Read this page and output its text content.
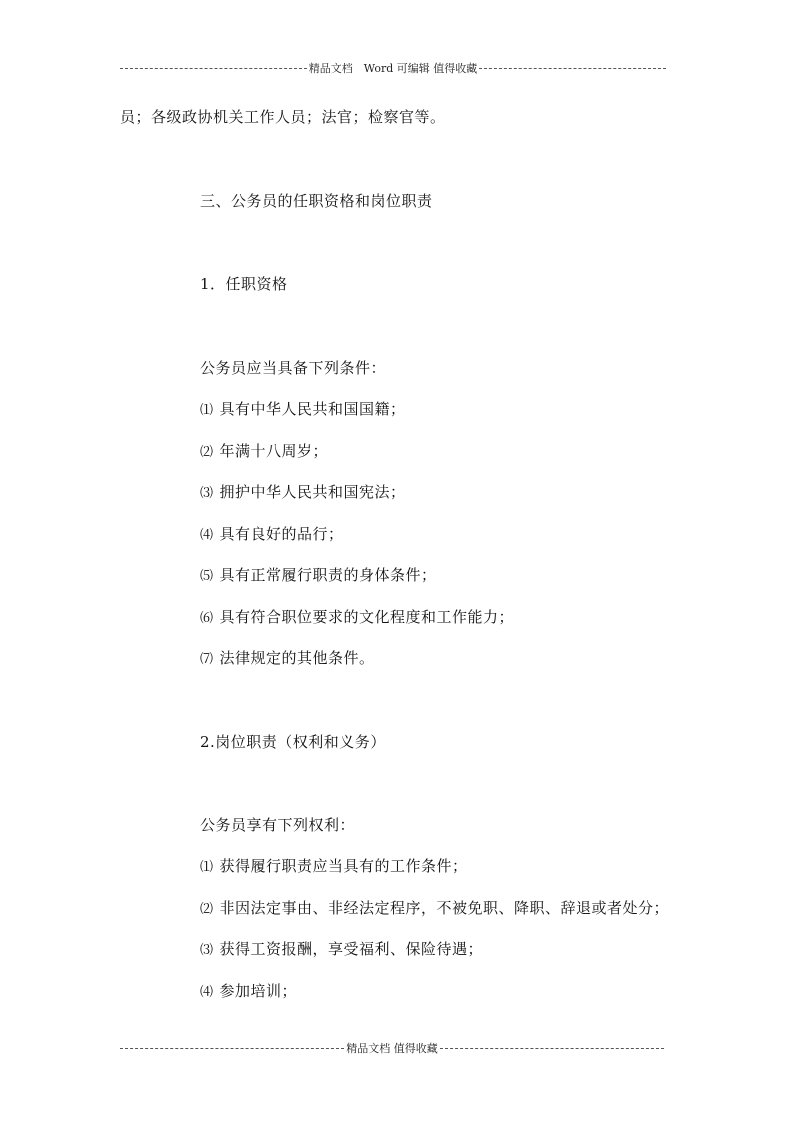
精品文档　Word 可编辑 值得收藏
员；各级政协机关工作人员；法官；检察官等。
三、公务员的任职资格和岗位职责
1．任职资格
公务员应当具备下列条件：
⑴ 具有中华人民共和国国籍；
⑵ 年满十八周岁；
⑶ 拥护中华人民共和国宪法；
⑷ 具有良好的品行；
⑸ 具有正常履行职责的身体条件；
⑹ 具有符合职位要求的文化程度和工作能力；
⑺ 法律规定的其他条件。
2.岗位职责（权利和义务）
公务员享有下列权利：
⑴ 获得履行职责应当具有的工作条件；
⑵ 非因法定事由、非经法定程序，不被免职、降职、辞退或者处分；
⑶ 获得工资报酬，享受福利、保险待遇；
⑷ 参加培训；
精品文档 值得收藏
